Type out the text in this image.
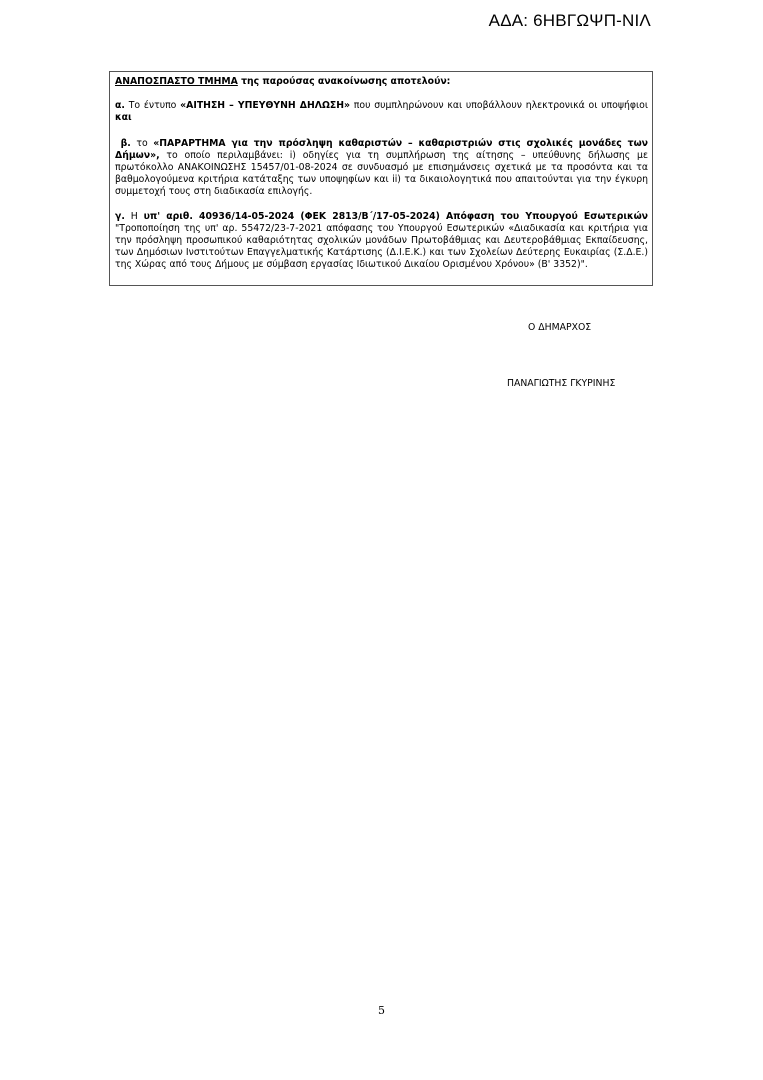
ΑΔΑ: 6ΗΒΓΩΨΠ-ΝΙΛ

ΑΝΑΠΟΣΠΑΣΤΟ ΤΜΗΜΑ της παρούσας ανακοίνωσης αποτελούν:

α. Το έντυπο «ΑΙΤΗΣΗ – ΥΠΕΥΘΥΝΗ ΔΗΛΩΣΗ» που συμπληρώνουν και υποβάλλουν ηλεκτρονικά οι υποψήφιοι και

β. το «ΠΑΡΑΡΤΗΜΑ για την πρόσληψη καθαριστών – καθαριστριών στις σχολικές μονάδες των Δήμων», το οποίο περιλαμβάνει: i) οδηγίες για τη συμπλήρωση της αίτησης – υπεύθυνης δήλωσης με πρωτόκολλο ΑΝΑΚΟΙΝΩΣΗΣ 15457/01-08-2024 σε συνδυασμό με επισημάνσεις σχετικά με τα προσόντα και τα βαθμολογούμενα κριτήρια κατάταξης των υποψηφίων και ii) τα δικαιολογητικά που απαιτούνται για την έγκυρη συμμετοχή τους στη διαδικασία επιλογής.

γ. Η υπ' αριθ. 40936/14-05-2024 (ΦΕΚ 2813/Β΄/17-05-2024) Απόφαση του Υπουργού Εσωτερικών "Τροποποίηση της υπ' αρ. 55472/23-7-2021 απόφασης του Υπουργού Εσωτερικών «Διαδικασία και κριτήρια για την πρόσληψη προσωπικού καθαριότητας σχολικών μονάδων Πρωτοβάθμιας και Δευτεροβάθμιας Εκπαίδευσης, των Δημόσιων Ινστιτούτων Επαγγελματικής Κατάρτισης (Δ.Ι.Ε.Κ.) και των Σχολείων Δεύτερης Ευκαιρίας (Σ.Δ.Ε.) της Χώρας από τους Δήμους με σύμβαση εργασίας Ιδιωτικού Δικαίου Ορισμένου Χρόνου» (Β' 3352)".

Ο ΔΗΜΑΡΧΟΣ
ΠΑΝΑΓΙΩΤΗΣ ΓΚΥΡΙΝΗΣ
5
